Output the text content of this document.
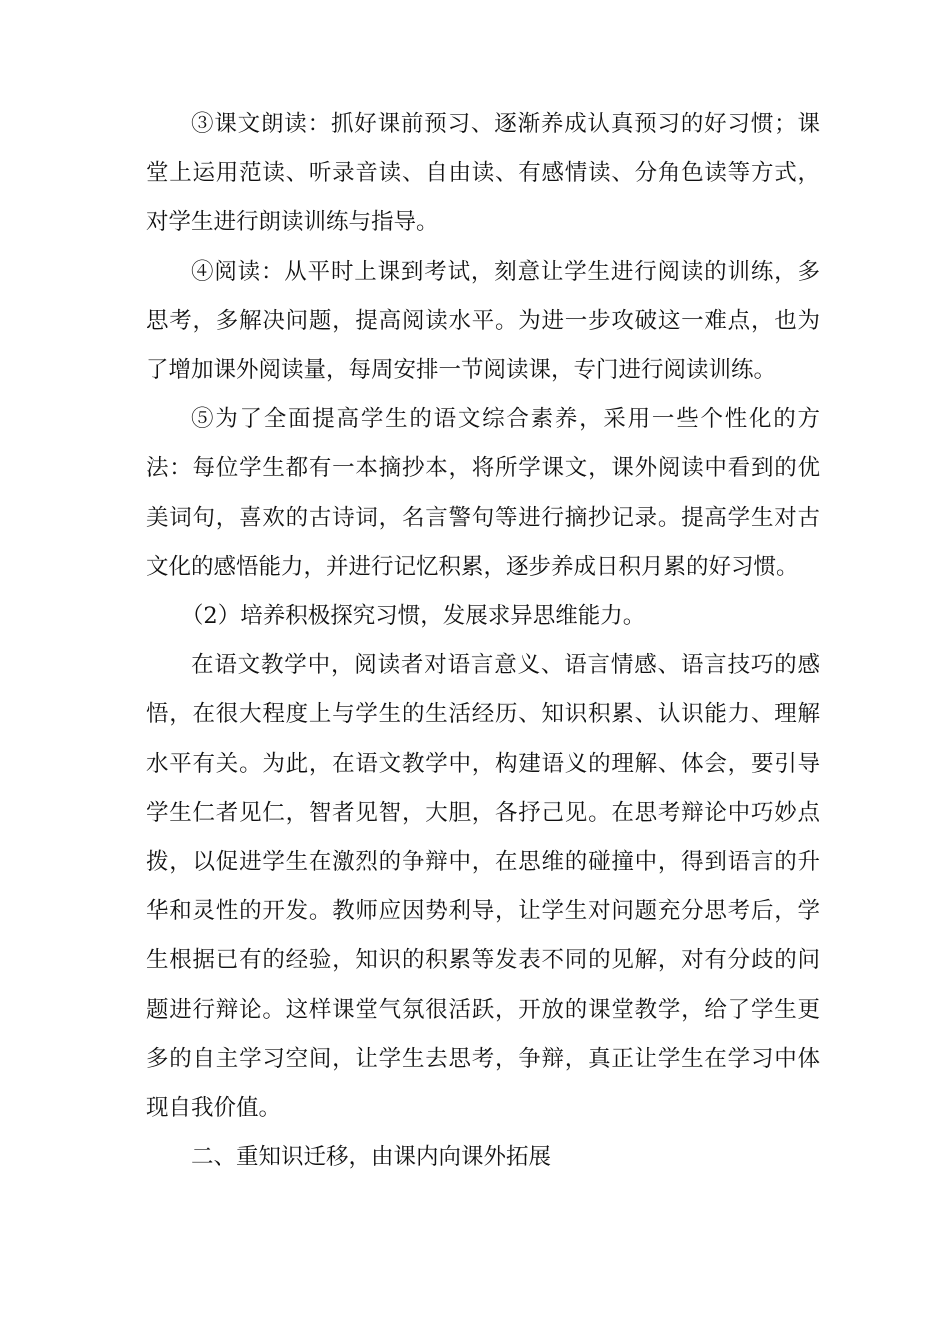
③课文朗读：抓好课前预习、逐渐养成认真预习的好习惯；课堂上运用范读、听录音读、自由读、有感情读、分角色读等方式，对学生进行朗读训练与指导。

④阅读：从平时上课到考试，刻意让学生进行阅读的训练，多思考，多解决问题，提高阅读水平。为进一步攻破这一难点，也为了增加课外阅读量，每周安排一节阅读课，专门进行阅读训练。

⑤为了全面提高学生的语文综合素养，采用一些个性化的方法：每位学生都有一本摘抄本，将所学课文，课外阅读中看到的优美词句，喜欢的古诗词，名言警句等进行摘抄记录。提高学生对古文化的感悟能力，并进行记忆积累，逐步养成日积月累的好习惯。

（2）培养积极探究习惯，发展求异思维能力。

在语文教学中，阅读者对语言意义、语言情感、语言技巧的感悟，在很大程度上与学生的生活经历、知识积累、认识能力、理解水平有关。为此，在语文教学中，构建语义的理解、体会，要引导学生仁者见仁，智者见智，大胆，各抒己见。在思考辩论中巧妙点拨，以促进学生在激烈的争辩中，在思维的碰撞中，得到语言的升华和灵性的开发。教师应因势利导，让学生对问题充分思考后，学生根据已有的经验，知识的积累等发表不同的见解，对有分歧的问题进行辩论。这样课堂气氛很活跃，开放的课堂教学，给了学生更多的自主学习空间，让学生去思考，争辩，真正让学生在学习中体现自我价值。

二、重知识迁移，由课内向课外拓展
